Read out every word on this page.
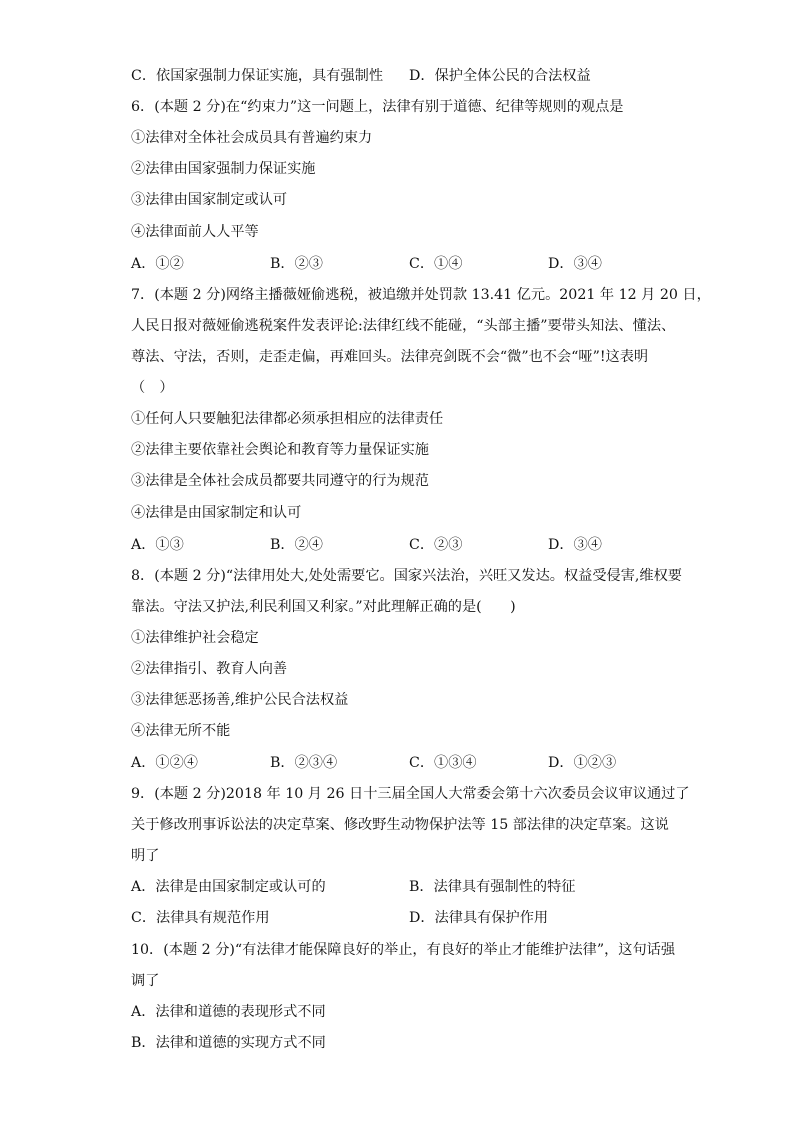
C．依国家强制力保证实施，具有强制性 D．保护全体公民的合法权益
6．(本题 2 分)在“约束力”这一问题上，法律有别于道德、纪律等规则的观点是
①法律对全体社会成员具有普遍约束力
②法律由国家强制力保证实施
③法律由国家制定或认可
④法律面前人人平等
A．①②	B．②③	C．①④	D．③④
7．(本题 2 分)网络主播薇娅偷逃税，被追缴并处罚款 13.41 亿元。2021 年 12 月 20 日，
人民日报对薇娅偷逃税案件发表评论:法律红线不能碰，“头部主播”要带头知法、懂法、
尊法、守法，否则，走歪走偏，再难回头。法律亮剑既不会“微”也不会“哑”!这表明
（　）
①任何人只要触犯法律都必须承担相应的法律责任
②法律主要依靠社会舆论和教育等力量保证实施
③法律是全体社会成员都要共同遵守的行为规范
④法律是由国家制定和认可
A．①③	B．②④	C．②③	D．③④
8．(本题 2 分)“法律用处大,处处需要它。国家兴法治，兴旺又发达。权益受侵害,维权要
靠法。守法又护法,利民利国又利家。”对此理解正确的是(　　)
①法律维护社会稳定
②法律指引、教育人向善
③法律惩恶扬善,维护公民合法权益
④法律无所不能
A．①②④	B．②③④	C．①③④	D．①②③
9．(本题 2 分)2018 年 10 月 26 日十三届全国人大常委会第十六次委员会议审议通过了
关于修改刑事诉讼法的决定草案、修改野生动物保护法等 15 部法律的决定草案。这说
明了
A．法律是由国家制定或认可的	B．法律具有强制性的特征
C．法律具有规范作用	D．法律具有保护作用
10．(本题 2 分)“有法律才能保障良好的举止，有良好的举止才能维护法律”，这句话强
调了
A．法律和道德的表现形式不同
B．法律和道德的实现方式不同
